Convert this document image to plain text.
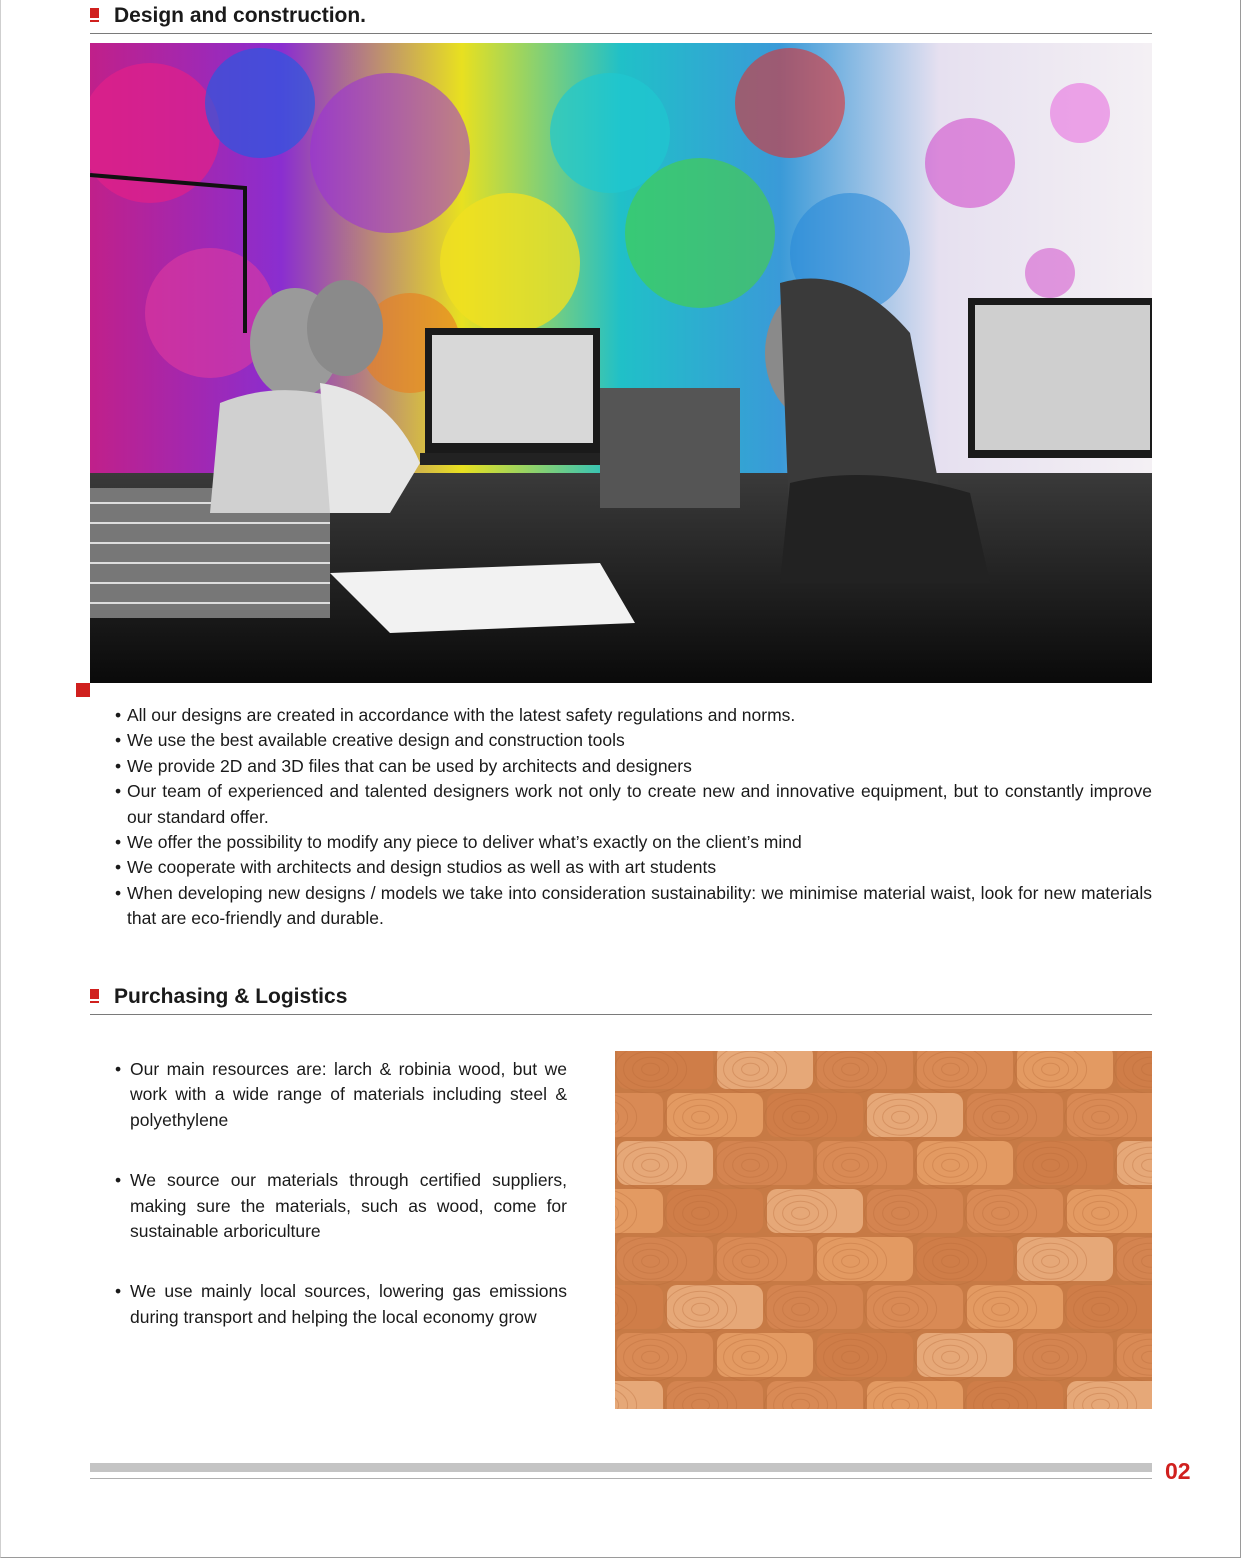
Design and construction.
• All our designs are created in accordance with the latest safety regulations and norms.
• We use the best available creative design and construction tools
• We provide 2D and 3D files that can be used by architects and designers
• Our team of experienced and talented designers work not only to create new and innovative equipment, but to constantly improve our standard offer.
• We offer the possibility to modify any piece to deliver what’s exactly on the client’s mind
• We cooperate with architects and design studios as well as with art students
• When developing new designs / models we take into consideration sustainability: we minimise material waist, look for new materials that are eco-friendly and durable.
Purchasing & Logistics
• Our main resources are: larch & robinia wood, but we work with a wide range of materials including steel & polyethylene
• We source our materials through certified suppliers, making sure the materials, such as wood, come for sustainable arboriculture
• We use mainly local sources, lowering gas emissions during transport and helping the local economy grow
02
